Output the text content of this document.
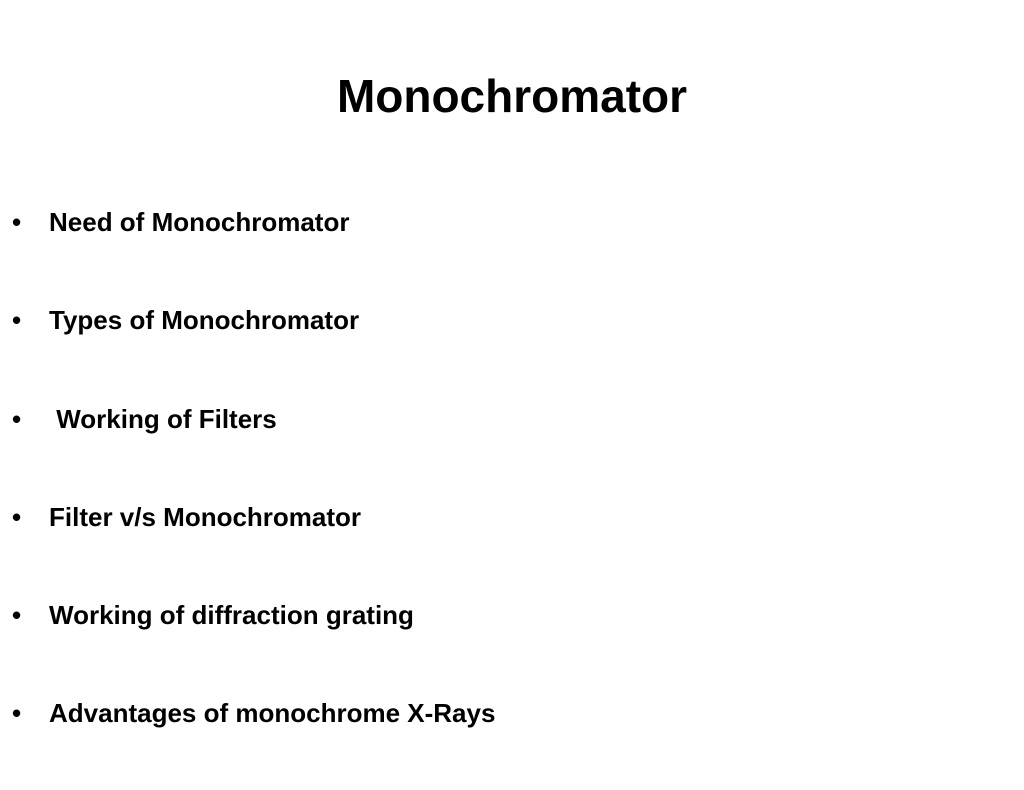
Monochromator
• Need of Monochromator
• Types of Monochromator
• Working of Filters
• Filter v/s Monochromator
• Working of diffraction grating
• Advantages of monochrome X-Rays
